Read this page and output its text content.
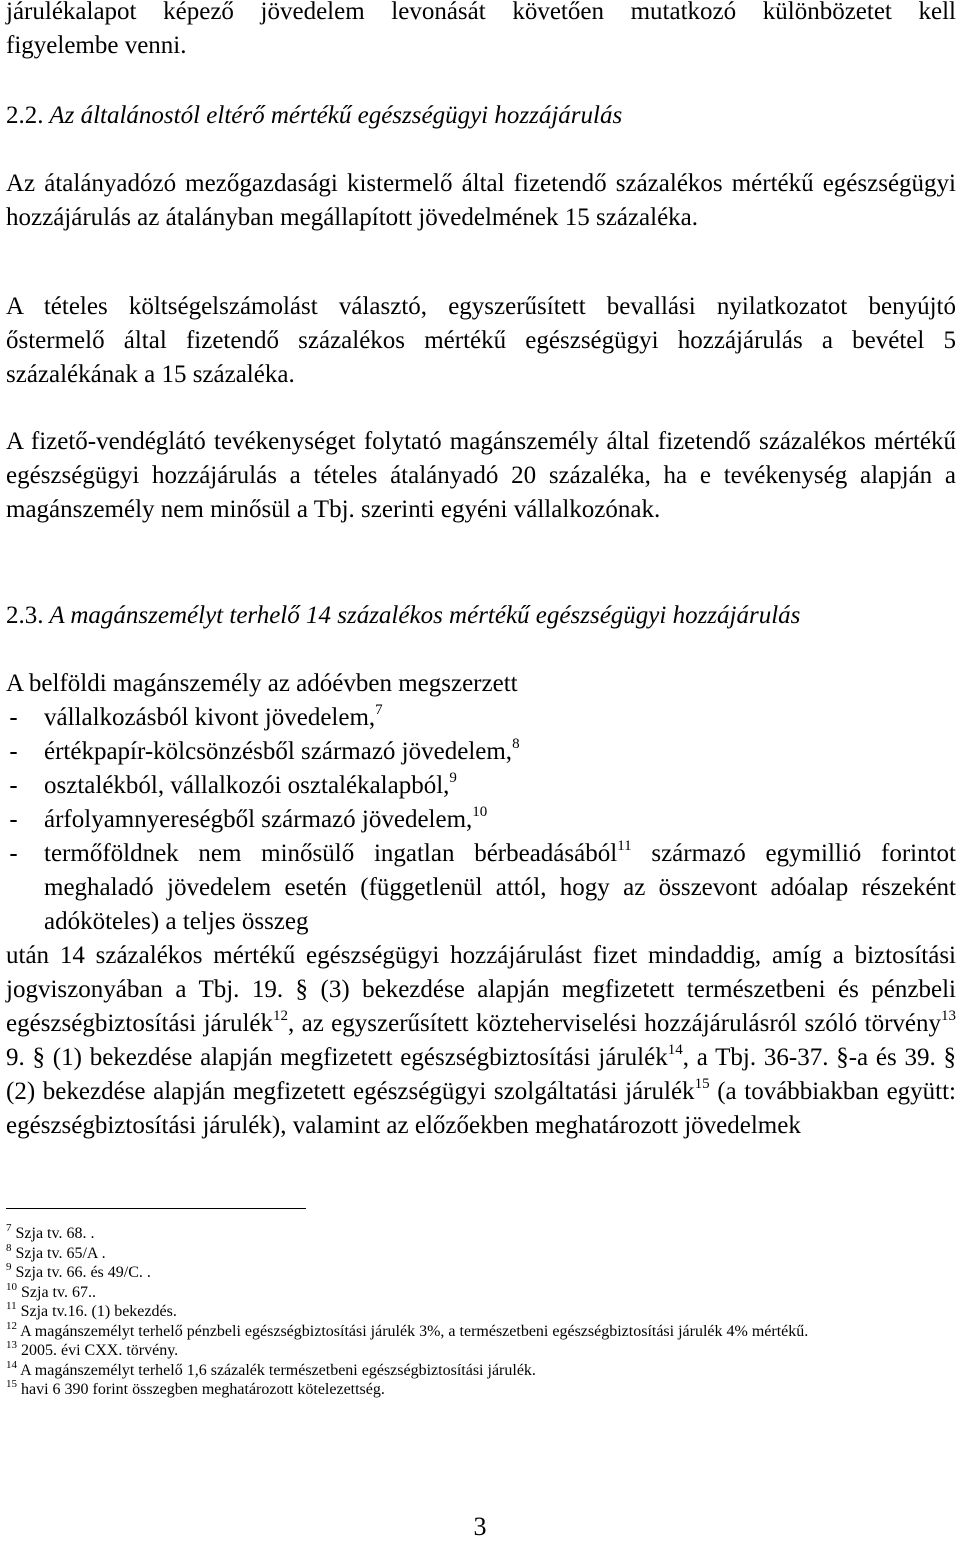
járulékalapot képező jövedelem levonását követően mutatkozó különbözetet kell

figyelembe venni.

2.2. Az általánostól eltérő mértékű egészségügyi hozzájárulás

Az átalányadózó mezőgazdasági kistermelő által fizetendő százalékos mértékű egészségügyi hozzájárulás az átalányban megállapított jövedelmének 15 százaléka.

A tételes költségelszámolást választó, egyszerűsített bevallási nyilatkozatot benyújtó őstermelő által fizetendő százalékos mértékű egészségügyi hozzájárulás a bevétel 5 százalékának a 15 százaléka.

A fizető-vendéglátó tevékenységet folytató magánszemély által fizetendő százalékos mértékű egészségügyi hozzájárulás a tételes átalányadó 20 százaléka, ha e tevékenység alapján a magánszemély nem minősül a Tbj. szerinti egyéni vállalkozónak.

2.3. A magánszemélyt terhelő 14 százalékos mértékű egészségügyi hozzájárulás

A belföldi magánszemély az adóévben megszerzett

- vállalkozásból kivont jövedelem,$^7$
- értékpapír-kölcsönzésből származó jövedelem,$^8$
- osztalékból, vállalkozói osztalékalapból,$^9$
- árfolyamnyereségből származó jövedelem,$^{10}$
- termőföldnek nem minősülő ingatlan bérbeadásából$^{11}$ származó egymillió forintot meghaladó jövedelem esetén (függetlenül attól, hogy az összevont adóalap részeként adóköteles) a teljes összeg

után 14 százalékos mértékű egészségügyi hozzájárulást fizet mindaddig, amíg a biztosítási jogviszonyában a Tbj. 19. § (3) bekezdése alapján megfizetett természetbeni és pénzbeli egészségbiztosítási járulék$^{12}$, az egyszerűsített közteherviselési hozzájárulásról szóló törvény$^{13}$ 9. § (1) bekezdése alapján megfizetett egészségbiztosítási járulék$^{14}$, a Tbj. 36-37. §-a és 39. § (2) bekezdése alapján megfizetett egészségügyi szolgáltatási járulék$^{15}$ (a továbbiakban együtt: egészségbiztosítási járulék), valamint az előzőekben meghatározott jövedelmek

$^7$ Szja tv. 68. .

$^8$ Szja tv. 65/A .

$^9$ Szja tv. 66. és 49/C. .

$^{10}$ Szja tv. 67..

$^{11}$ Szja tv.16. (1) bekezdés.

$^{12}$ A magánszemélyt terhelő pénzbeli egészségbiztosítási járulék 3%, a természetbeni egészségbiztosítási járulék 4% mértékű.

$^{13}$ 2005. évi CXX. törvény.

$^{14}$ A magánszemélyt terhelő 1,6 százalék természetbeni egészségbiztosítási járulék.

$^{15}$ havi 6 390 forint összegben meghatározott kötelezettség.

3
